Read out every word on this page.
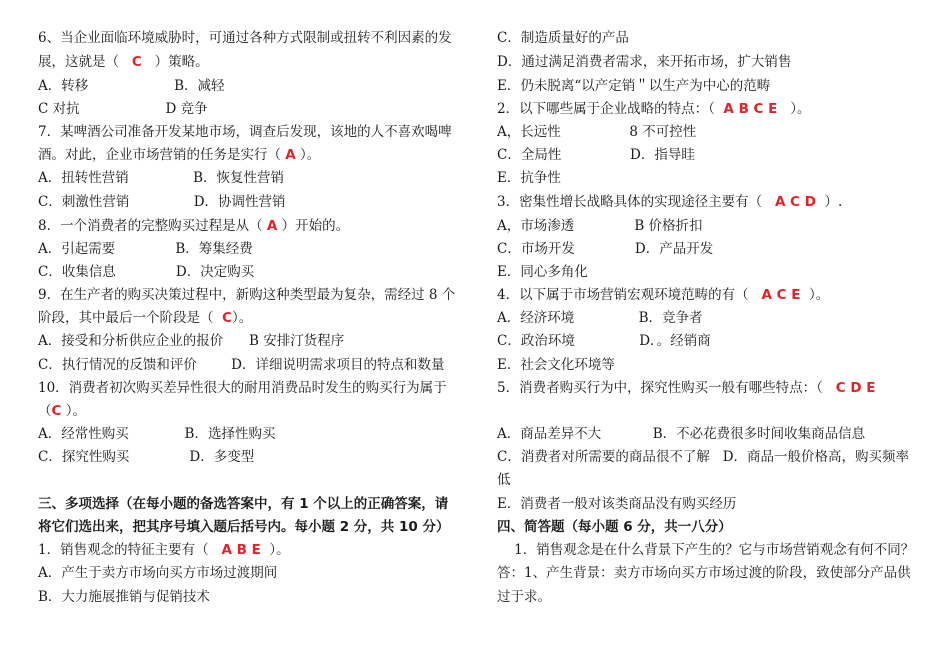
6、当企业面临环境威胁时，可通过各种方式限制或扭转不利因素的发
展，这就是（   C   ）策略。
A．转移                    B．减轻
C 对抗                    D 竞争
7．某啤酒公司准备开发某地市场，调查后发现，该地的人不喜欢喝啤
酒。对此，企业市场营销的任务是实行（ A ）。
A．扭转性营销               B．恢复性营销
C．刺激性营销               D．协调性营销
8．一个消费者的完整购买过程是从（ A ）开始的。
A．引起需要              B．筹集经费
C．收集信息              D．决定购买
9．在生产者的购买决策过程中，新购这种类型最为复杂，需经过 8 个
阶段，其中最后一个阶段是（  C）。
A．接受和分析供应企业的报价      B 安排汀货程序
C．执行情况的反馈和评价        D．详细说明需求项目的特点和数量
10．消费者初次购买差异性很大的耐用消费品时发生的购买行为属于
（C ）。
A．经常性购买             B．选择性购买
C．探究性购买              D．多变型
三、多项选择（在每小题的备选答案中，有 1 个以上的正确答案，请
将它们选出来，把其序号填入题后括号内。每小题 2 分，共 10 分）
1．销售观念的特征主要有（   A B E  ）。
A．产生于卖方市场向买方市场过渡期间
B．大力施展推销与促销技术
C．制造质量好的产品
D．通过满足消费者需求，来开拓市场，扩大销售
E．仍未脱离“以产定销＂以生产为中心的范畴
2．以下哪些属于企业战略的特点：（  A B C E   ）。
A，长远性                8 不可控性
C．全局性                D．指导眭
E．抗争性
3．密集性增长战略具体的实现途径主要有（   A C D  ）.
A，市场渗透              B 价格折扣
C．市场开发              D．产品开发
E．同心多角化
4．以下属于市场营销宏观环境范畴的有（   A C E  ）。
A．经济环境               B．竞争者
C．政治环境               D．。经销商
E．社会文化环境等
5．消费者购买行为中，探究性购买一般有哪些特点：（   C D E
A．商品差异不大            B．不必花费很多时间收集商品信息
C．消费者对所需要的商品很不了解   D．商品一般价格高，购买频率
低
E．消费者一般对该类商品没有购买经历
四、简答题（每小题 6 分，共一八分）
1．销售观念是在什么背景下产生的？它与市场营销观念有何不同？
答：1、产生背景：卖方市场向买方市场过渡的阶段，致使部分产品供
过于求。
